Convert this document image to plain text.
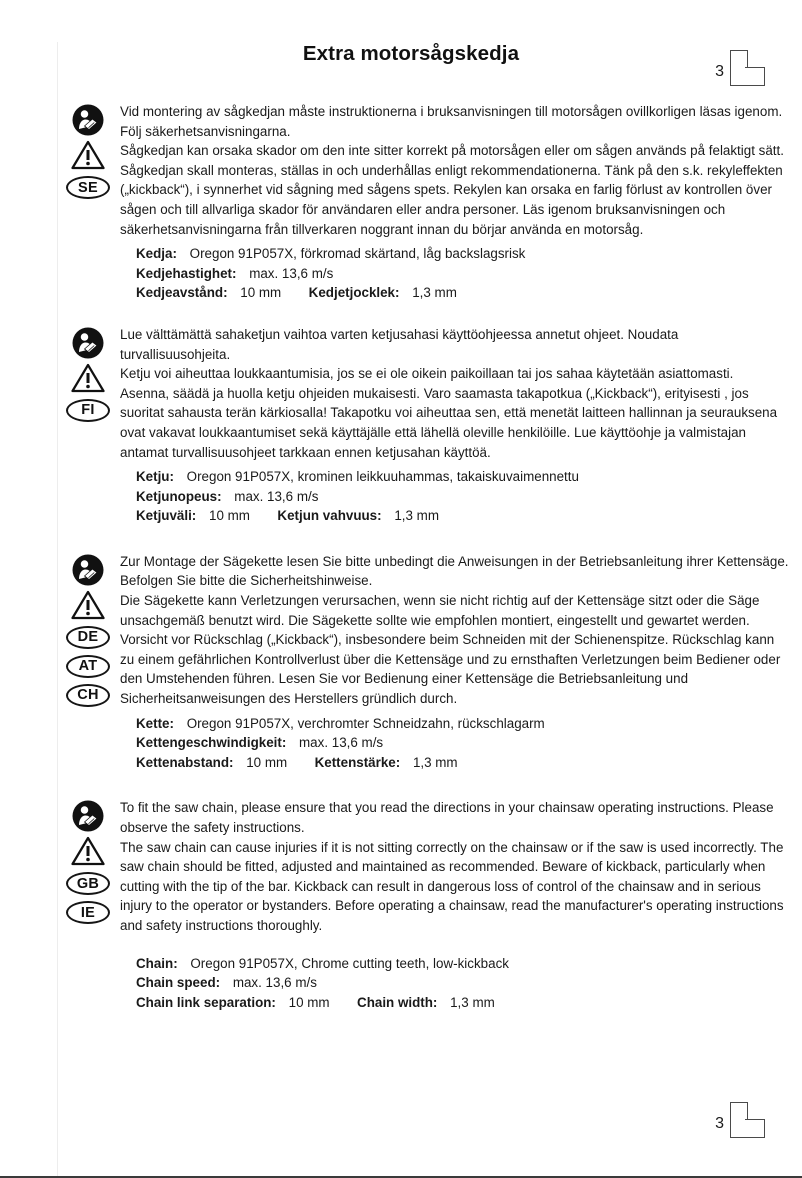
Extra motorsågskedja
3
SE

Vid montering av sågkedjan måste instruktionerna i bruksanvisningen till motorsågen ovillkorligen läsas igenom. Följ säkerhetsanvisningarna.

Sågkedjan kan orsaka skador om den inte sitter korrekt på motorsågen eller om sågen används på felaktigt sätt. Sågkedjan skall monteras, ställas in och underhållas enligt rekommendationerna. Tänk på den s.k. rekyleffekten („kickback“), i synnerhet vid sågning med sågens spets. Rekylen kan orsaka en farlig förlust av kontrollen över sågen och till allvarliga skador för användaren eller andra personer. Läs igenom bruksanvisningen och säkerhetsanvisningarna från tillverkaren noggrant innan du börjar använda en motorsåg.

Kedja: Oregon 91P057X, förkromad skärtand, låg backslagsrisk
Kedjehastighet: max. 13,6 m/s
Kedjeavstånd: 10 mm Kedjetjocklek: 1,3 mm
FI

Lue välttämättä sahaketjun vaihtoa varten ketjusahasi käyttöohjeessa annetut ohjeet. Noudata turvallisuusohjeita.

Ketju voi aiheuttaa loukkaantumisia, jos se ei ole oikein paikoillaan tai jos sahaa käytetään asiattomasti. Asenna, säädä ja huolla ketju ohjeiden mukaisesti. Varo saamasta takapotkua („Kickback“), erityisesti , jos suoritat sahausta terän kärkiosalla! Takapotku voi aiheuttaa sen, että menetät laitteen hallinnan ja seurauksena ovat vakavat loukkaantumiset sekä käyttäjälle että lähellä oleville henkilöille. Lue käyttöohje ja valmistajan antamat turvallisuusohjeet tarkkaan ennen ketjusahan käyttöä.

Ketju: Oregon 91P057X, krominen leikkuuhammas, takaiskuvaimennettu
Ketjunopeus: max. 13,6 m/s
Ketjuväli: 10 mm Ketjun vahvuus: 1,3 mm
DE
AT
CH

Zur Montage der Sägekette lesen Sie bitte unbedingt die Anweisungen in der Betriebsanleitung ihrer Kettensäge. Befolgen Sie bitte die Sicherheitshinweise.

Die Sägekette kann Verletzungen verursachen, wenn sie nicht richtig auf der Kettensäge sitzt oder die Säge unsachgemäß benutzt wird. Die Sägekette sollte wie empfohlen montiert, eingestellt und gewartet werden. Vorsicht vor Rückschlag („Kickback“), insbesondere beim Schneiden mit der Schienenspitze. Rückschlag kann zu einem gefährlichen Kontrollverlust über die Kettensäge und zu ernsthaften Verletzungen beim Bediener oder den Umstehenden führen. Lesen Sie vor Bedienung einer Kettensäge die Betriebsanleitung und Sicherheitsanweisungen des Herstellers gründlich durch.

Kette: Oregon 91P057X, verchromter Schneidzahn, rückschlagarm
Kettengeschwindigkeit: max. 13,6 m/s
Kettenabstand: 10 mm Kettenstärke: 1,3 mm
GB
IE

To fit the saw chain, please ensure that you read the directions in your chainsaw operating instructions. Please observe the safety instructions.

The saw chain can cause injuries if it is not sitting correctly on the chainsaw or if the saw is used incorrectly. The saw chain should be fitted, adjusted and maintained as recommended. Beware of kickback, particularly when cutting with the tip of the bar. Kickback can result in dangerous loss of control of the chainsaw and in serious injury to the operator or bystanders. Before operating a chainsaw, read the manufacturer's operating instructions and safety instructions thoroughly.

Chain: Oregon 91P057X, Chrome cutting teeth, low-kickback
Chain speed: max. 13,6 m/s
Chain link separation: 10 mm Chain width: 1,3 mm
3
